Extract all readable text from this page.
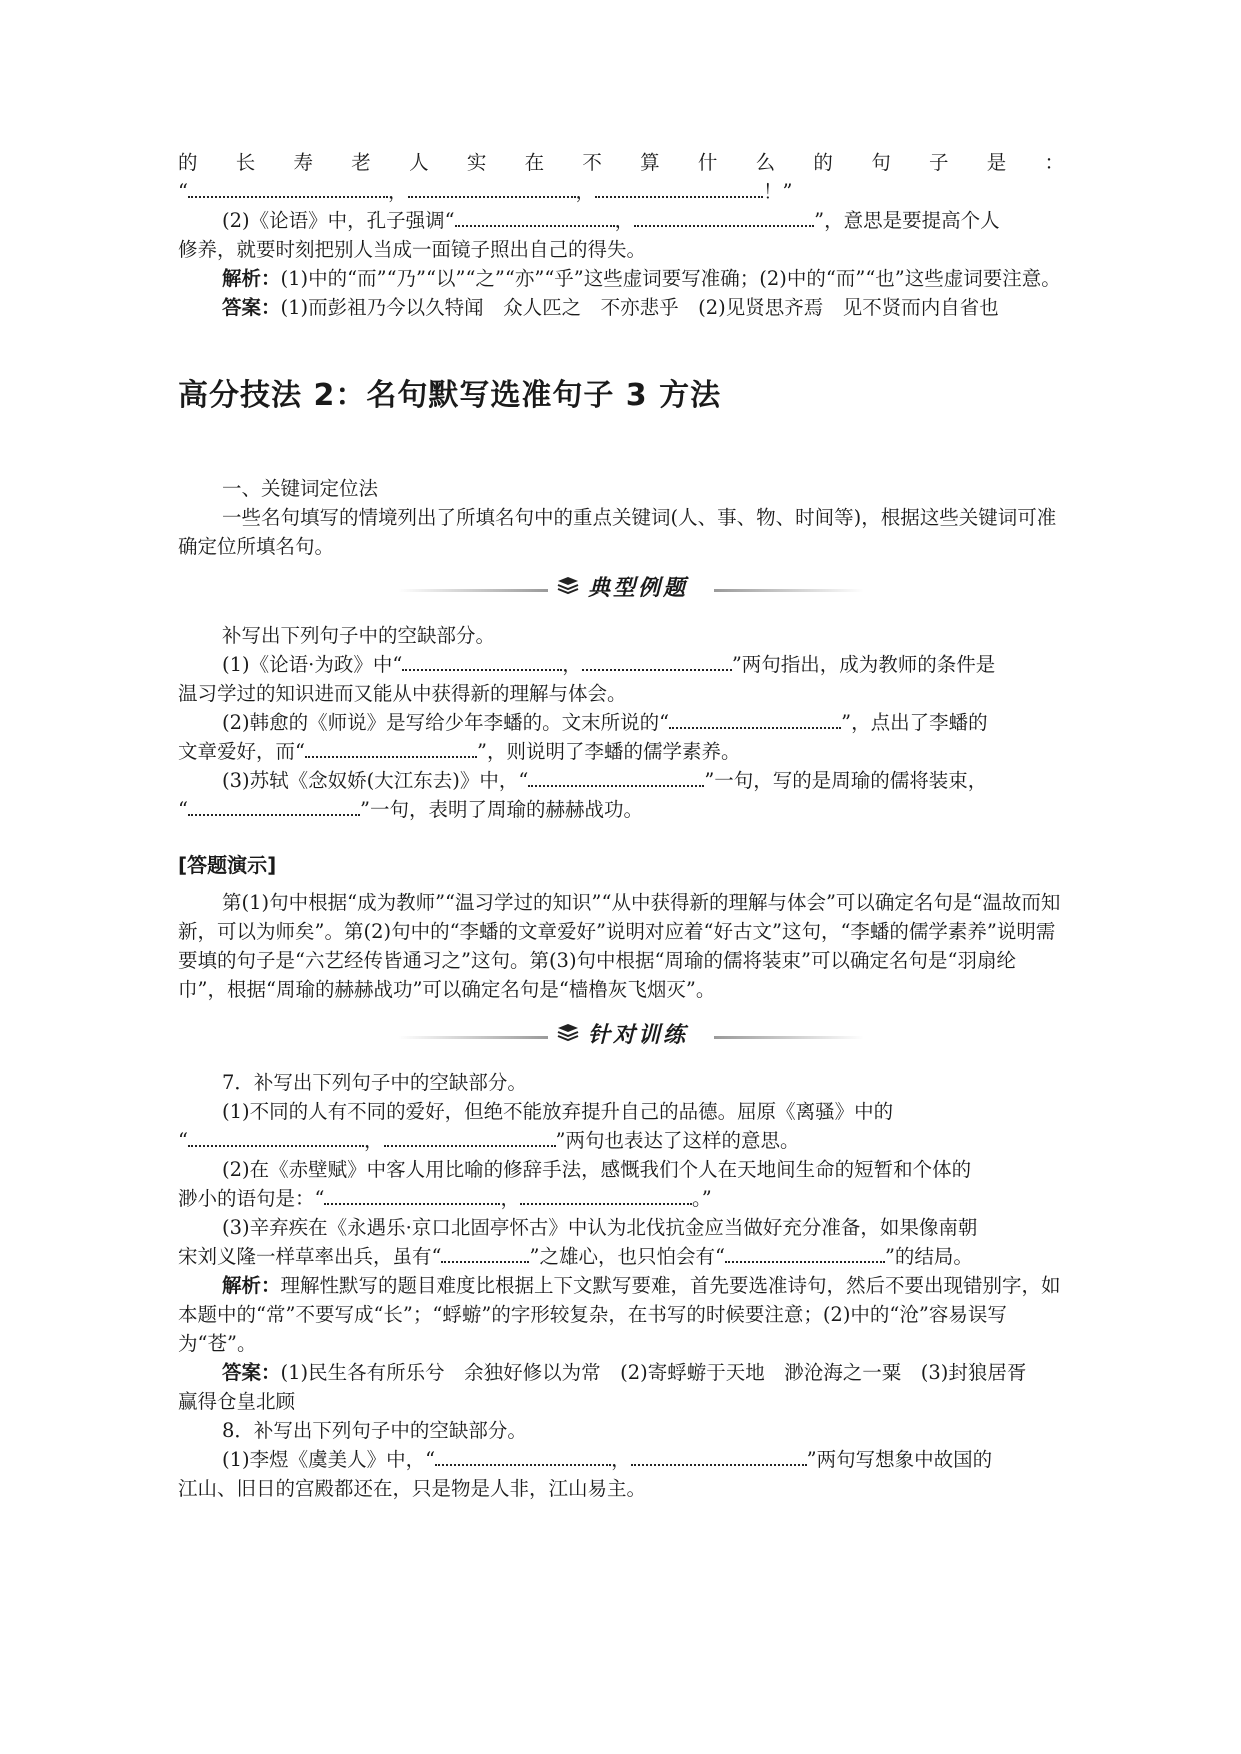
的 长 寿 老 人 实 在 不 算 什 么 的 句 子 是 ：

“	，	，	！”

(2)《论语》中，孔子强调“	，	”，意思是要提高个人

修养，就要时刻把别人当成一面镜子照出自己的得失。

解析：(1)中的“而”“乃”“以”“之”“亦”“乎”这些虚词要写准确；(2)中的“而”“也”这些虚词要注意。

答案：(1)而彭祖乃今以久特闻　众人匹之　不亦悲乎　(2)见贤思齐焉　见不贤而内自省也

高分技法 2：名句默写选准句子 3 方法

一、关键词定位法

一些名句填写的情境列出了所填名句中的重点关键词(人、事、物、时间等)，根据这些关键词可准确定位所填名句。

典型例题

补写出下列句子中的空缺部分。

(1)《论语·为政》中“	，	”两句指出，成为教师的条件是

温习学过的知识进而又能从中获得新的理解与体会。

(2)韩愈的《师说》是写给少年李蟠的。文末所说的“	”，点出了李蟠的

文章爱好，而“	”，则说明了李蟠的儒学素养。

(3)苏轼《念奴娇(大江东去)》中，“	”一句，写的是周瑜的儒将装束，

“	”一句，表明了周瑜的赫赫战功。

[答题演示]

第(1)句中根据“成为教师”“温习学过的知识”“从中获得新的理解与体会”可以确定名句是“温故而知新，可以为师矣”。第(2)句中的“李蟠的文章爱好”说明对应着“好古文”这句，“李蟠的儒学素养”说明需要填的句子是“六艺经传皆通习之”这句。第(3)句中根据“周瑜的儒将装束”可以确定名句是“羽扇纶巾”，根据“周瑜的赫赫战功”可以确定名句是“樯橹灰飞烟灭”。

针对训练

7．补写出下列句子中的空缺部分。

(1)不同的人有不同的爱好，但绝不能放弃提升自己的品德。屈原《离骚》中的

“	，	”两句也表达了这样的意思。

(2)在《赤壁赋》中客人用比喻的修辞手法，感慨我们个人在天地间生命的短暂和个体的

渺小的语句是：“	，	。”

(3)辛弃疾在《永遇乐·京口北固亭怀古》中认为北伐抗金应当做好充分准备，如果像南朝

宋刘义隆一样草率出兵，虽有“	”之雄心，也只怕会有“	”的结局。

解析：理解性默写的题目难度比根据上下文默写要难，首先要选准诗句，然后不要出现错别字，如本题中的“常”不要写成“长”；“蜉蝣”的字形较复杂，在书写的时候要注意；(2)中的“沧”容易误写为“苍”。

答案：(1)民生各有所乐兮　余独好修以为常　(2)寄蜉蝣于天地　渺沧海之一粟　(3)封狼居胥　赢得仓皇北顾

8．补写出下列句子中的空缺部分。

(1)李煜《虞美人》中，“	，	”两句写想象中故国的

江山、旧日的宫殿都还在，只是物是人非，江山易主。
